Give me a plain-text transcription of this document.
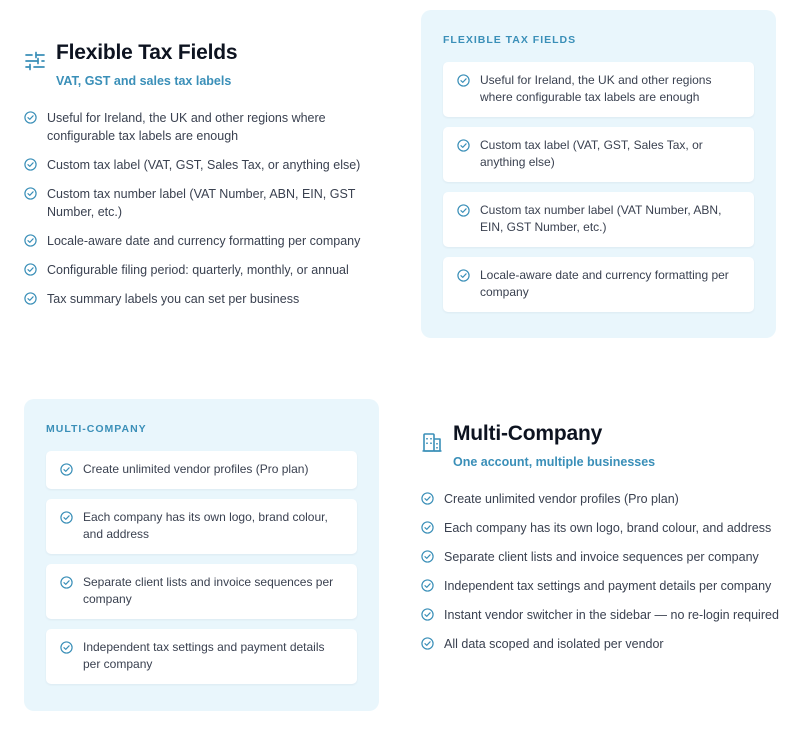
Flexible Tax Fields
VAT, GST and sales tax labels
Useful for Ireland, the UK and other regions where configurable tax labels are enough
Custom tax label (VAT, GST, Sales Tax, or anything else)
Custom tax number label (VAT Number, ABN, EIN, GST Number, etc.)
Locale-aware date and currency formatting per company
Configurable filing period: quarterly, monthly, or annual
Tax summary labels you can set per business
FLEXIBLE TAX FIELDS
Useful for Ireland, the UK and other regions where configurable tax labels are enough
Custom tax label (VAT, GST, Sales Tax, or anything else)
Custom tax number label (VAT Number, ABN, EIN, GST Number, etc.)
Locale-aware date and currency formatting per company
MULTI-COMPANY
Create unlimited vendor profiles (Pro plan)
Each company has its own logo, brand colour, and address
Separate client lists and invoice sequences per company
Independent tax settings and payment details per company
Multi-Company
One account, multiple businesses
Create unlimited vendor profiles (Pro plan)
Each company has its own logo, brand colour, and address
Separate client lists and invoice sequences per company
Independent tax settings and payment details per company
Instant vendor switcher in the sidebar — no re-login required
All data scoped and isolated per vendor
